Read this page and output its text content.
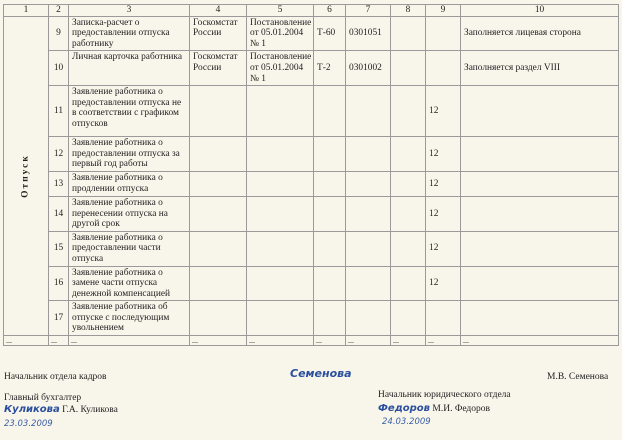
1	2	3	4	5	6	7	8	9	10

Отпуск	9	Записка-расчет о предоставлении отпуска работнику	Госкомстат России	Постановление от 05.01.2004 № 1	Т-60	0301051			Заполняется лицевая сторона
	10	Личная карточка работника	Госкомстат России	Постановление от 05.01.2004 № 1	Т-2	0301002			Заполняется раздел VIII
	11	Заявление работника о предоставлении отпуска не в соответствии с графиком отпусков						12	
	12	Заявление работника о предоставлении отпуска за первый год работы						12	
	13	Заявление работника о продлении отпуска						12	
	14	Заявление работника о перенесении отпуска на другой срок						12	
	15	Заявление работника о предоставлении части отпуска						12	
	16	Заявление работника о замене части отпуска денежной компенсацией						12	
	17	Заявление работника об отпуске с последующим увольнением							
...	...	...	...	...	...	...	...	...	...
Начальник отдела кадров	Семенова	М.В. Семенова
Главный бухгалтер
Куликова Г.А. Куликова
23.03.2009
Начальник юридического отдела
Федоров М.И. Федоров
24.03.2009
